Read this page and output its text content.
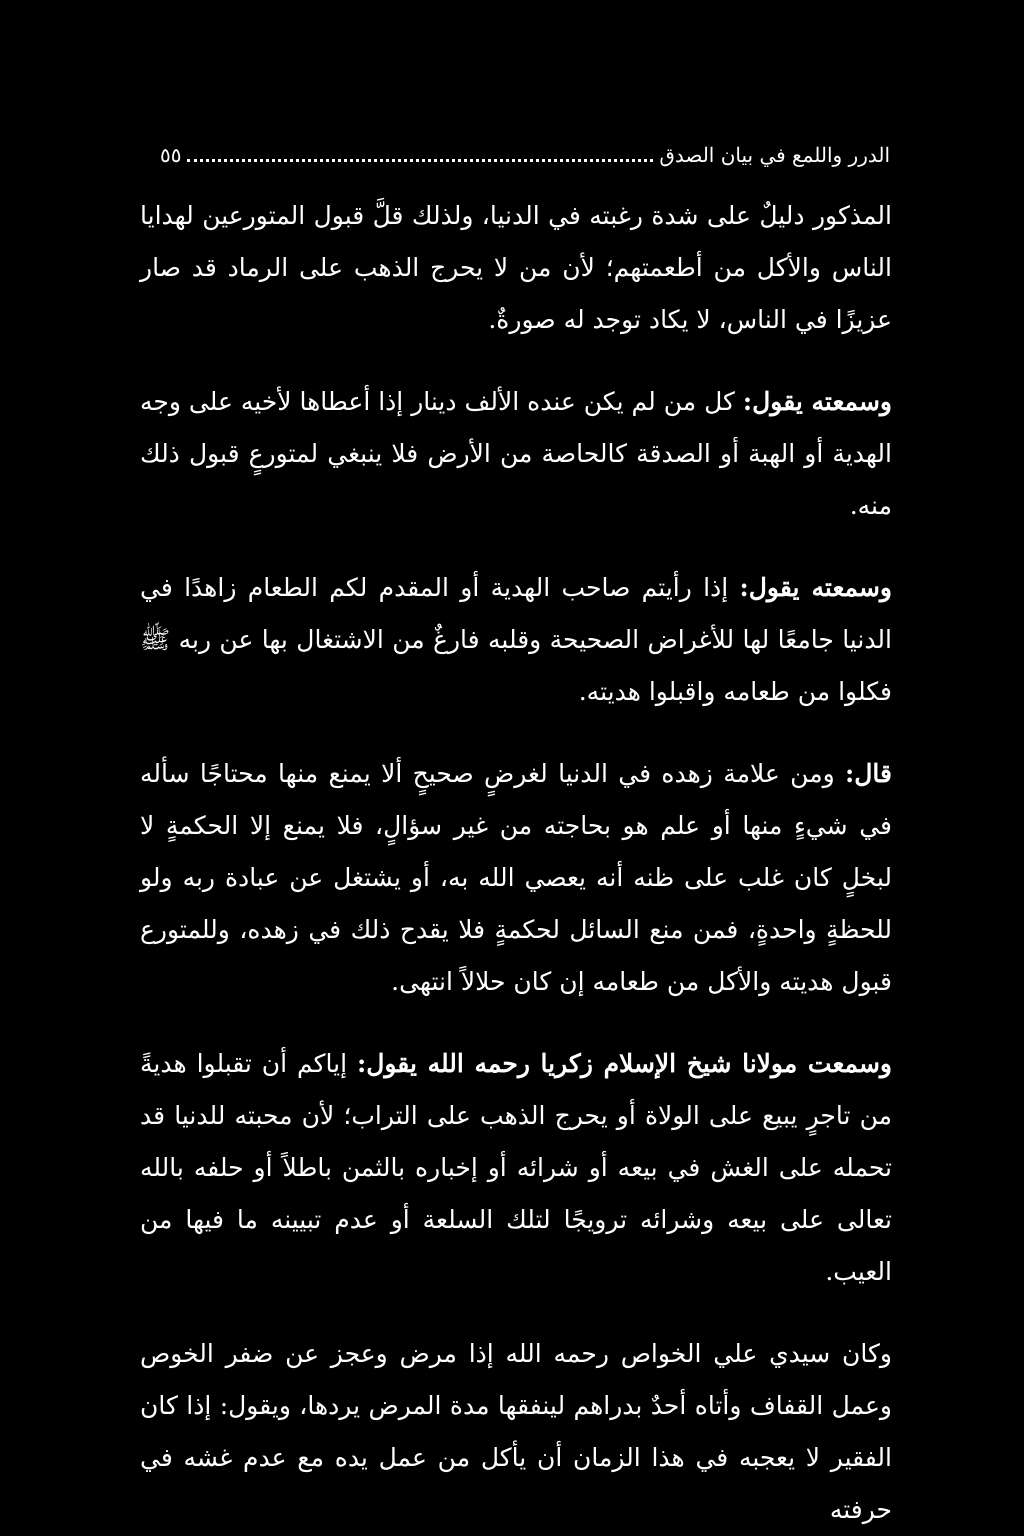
الدرر واللمع في بيان الصدق
٥٥

المذكور دليلٌ على شدة رغبته في الدنيا، ولذلك قلَّ قبول المتورعين لهدايا الناس والأكل من أطعمتهم؛ لأن من لا يحرج الذهب على الرماد قد صار عزيزًا في الناس، لا يكاد توجد له صورةٌ.

وسمعته يقول: كل من لم يكن عنده الألف دينار إذا أعطاها لأخيه على وجه الهدية أو الهبة أو الصدقة كالحاصة من الأرض فلا ينبغي لمتورعٍ قبول ذلك منه.

وسمعته يقول: إذا رأيتم صاحب الهدية أو المقدم لكم الطعام زاهدًا في الدنيا جامعًا لها للأغراض الصحيحة وقلبه فارغٌ من الاشتغال بها عن ربه ﷺ فكلوا من طعامه واقبلوا هديته.

قال: ومن علامة زهده في الدنيا لغرضٍ صحيحٍ ألا يمنع منها محتاجًا سأله في شيءٍ منها أو علم هو بحاجته من غير سؤالٍ، فلا يمنع إلا الحكمةٍ لا لبخلٍ كان غلب على ظنه أنه يعصي الله به، أو يشتغل عن عبادة ربه ولو للحظةٍ واحدةٍ، فمن منع السائل لحكمةٍ فلا يقدح ذلك في زهده، وللمتورع قبول هديته والأكل من طعامه إن كان حلالاً انتهى.

وسمعت مولانا شيخ الإسلام زكريا رحمه الله يقول: إياكم أن تقبلوا هديةً من تاجرٍ يبيع على الولاة أو يحرج الذهب على التراب؛ لأن محبته للدنيا قد تحمله على الغش في بيعه أو شرائه أو إخباره بالثمن باطلاً أو حلفه بالله تعالى على بيعه وشرائه ترويجًا لتلك السلعة أو عدم تبيينه ما فيها من العيب.

وكان سيدي علي الخواص رحمه الله إذا مرض وعجز عن ضفر الخوص وعمل القفاف وأتاه أحدٌ بدراهم لينفقها مدة المرض يردها، ويقول: إذا كان الفقير لا يعجبه في هذا الزمان أن يأكل من عمل يده مع عدم غشه في حرفته
